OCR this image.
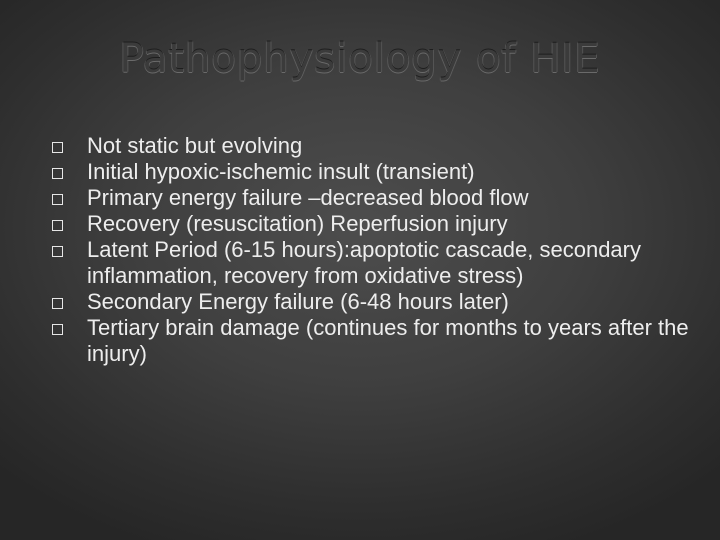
Pathophysiology of HIE
Not static but evolving
Initial hypoxic-ischemic insult (transient)
Primary energy failure –decreased blood flow
Recovery (resuscitation) Reperfusion injury
Latent Period (6-15 hours):apoptotic cascade, secondary inflammation, recovery from oxidative stress)
Secondary Energy failure (6-48 hours later)
Tertiary brain damage (continues for months to years after the injury)
